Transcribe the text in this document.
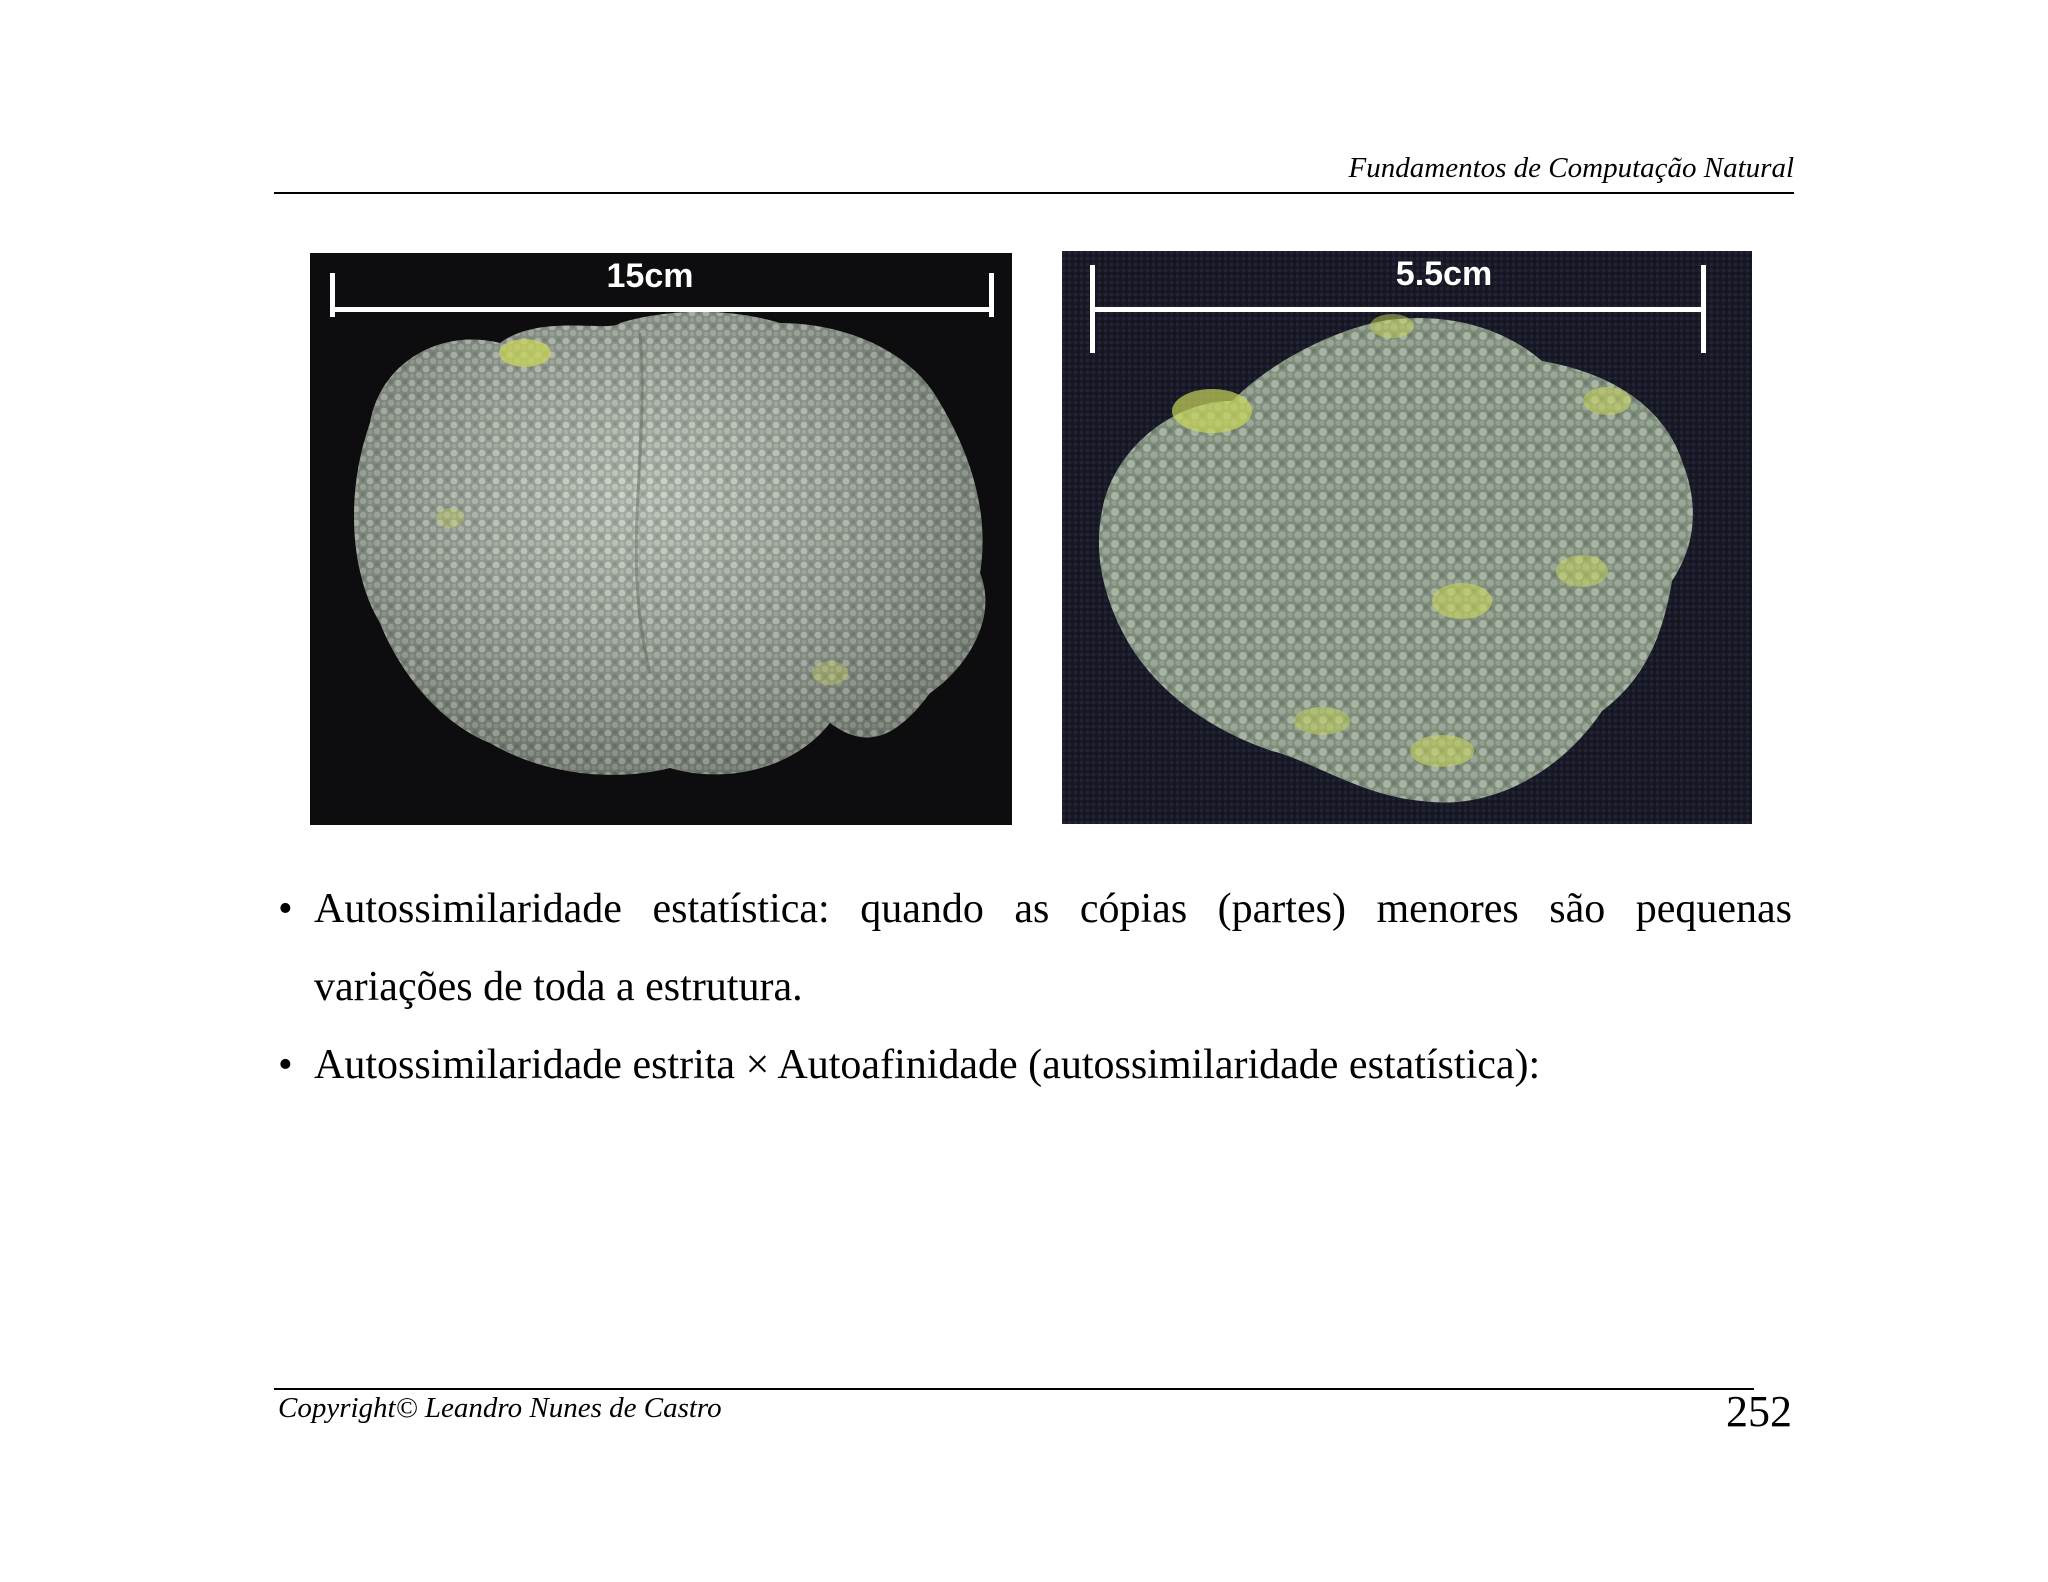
Fundamentos de Computação Natural
15cm	5.5cm
• Autossimilaridade estatística: quando as cópias (partes) menores são pequenas variações de toda a estrutura.
• Autossimilaridade estrita × Autoafinidade (autossimilaridade estatística):
Copyright© Leandro Nunes de Castro	252
